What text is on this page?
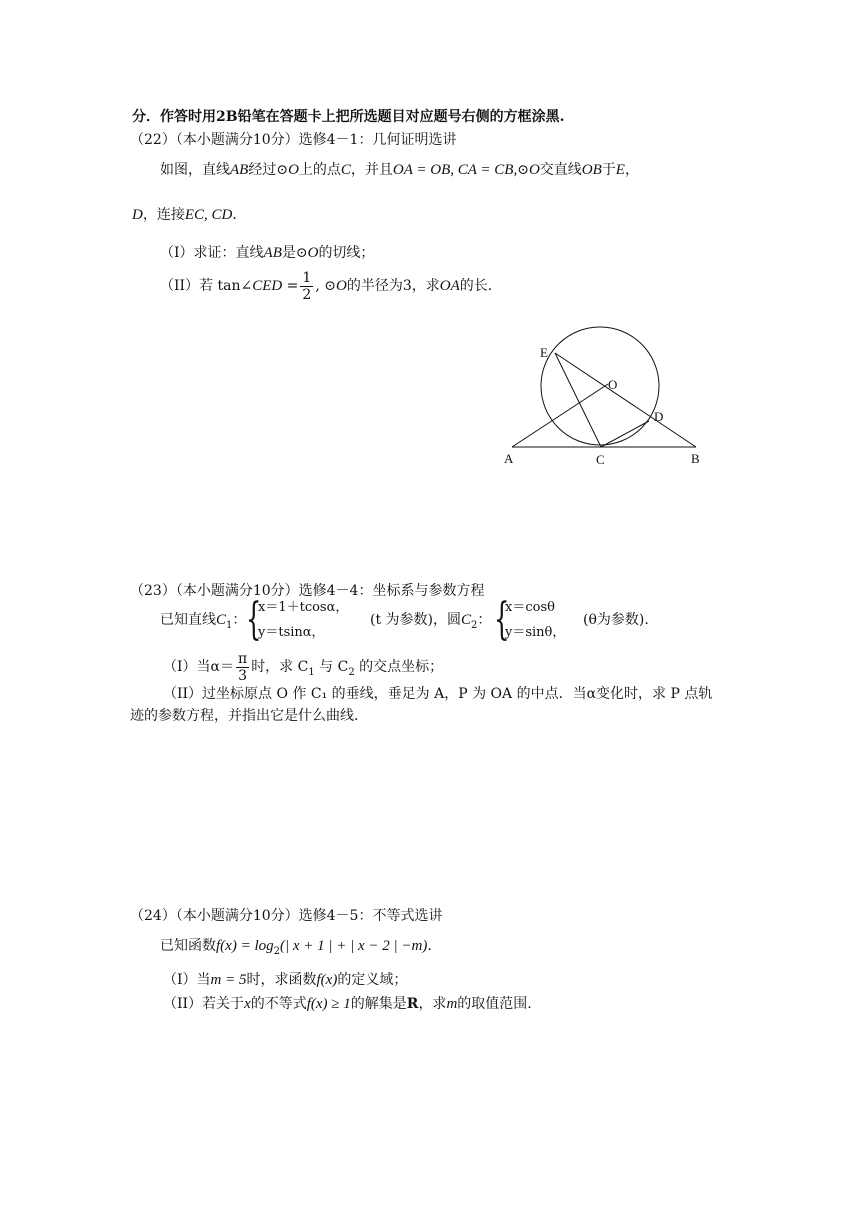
分．作答时用2B铅笔在答题卡上把所选题目对应题号右侧的方框涂黑.
（22）（本小题满分10分）选修4－1：几何证明选讲
如图，直线AB经过⊙O上的点C，并且OA = OB, CA = CB,⊙O交直线OB于E，
D，连接EC, CD.
（I）求证：直线AB是⊙O的切线；
（II）若 tan∠CED = $\frac{1}{2}$ , ⊙O的半径为3，求OA的长.
E
O
D
A	C	B
（23）（本小题满分10分）选修4－4：坐标系与参数方程
已知直线$C_1$： {
x＝1＋tcosα，
y＝tsinα，
(t 为参数)，圆$C_2$： {
x＝cosθ
y＝sinθ，
(θ为参数).
（I）当$\alpha= \frac{\pi}{3}$ 时，求 $C_1$ 与 $C_2$ 的交点坐标；
（II）过坐标原点 O 作 C₁ 的垂线，垂足为 A，P 为 OA 的中点．当α变化时，求 P 点轨
迹的参数方程，并指出它是什么曲线.
（24）（本小题满分10分）选修4－5：不等式选讲
已知函数$f(x) = \log_2(|$ x + 1 | + | x − 2 | −m).
（I）当m = 5时，求函数f(x)的定义域；
（II）若关于x的不等式f(x) ≥ 1的解集是R，求m的取值范围.
